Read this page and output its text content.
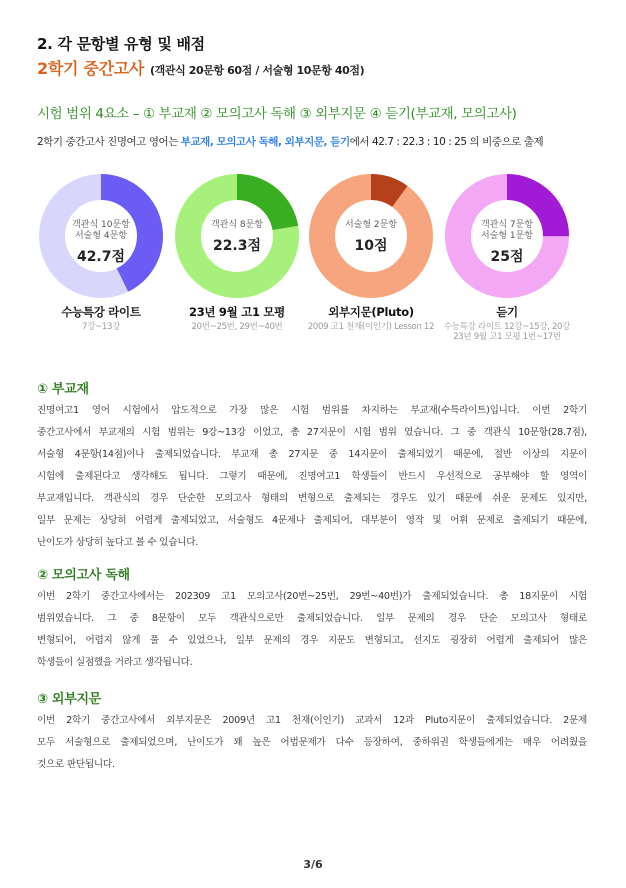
2. 각 문항별 유형 및 배점
2학기 중간고사 (객관식 20문항 60점 / 서술형 10문항 40점)
시험 범위 4요소 – ① 부교재 ② 모의고사 독해 ③ 외부지문 ④ 듣기(부교재, 모의고사)
2학기 중간고사 진명여고 영어는 부교재, 모의고사 독해, 외부지문, 듣기에서 42.7 : 22.3 : 10 : 25 의 비중으로 출제
객관식 10문항
서술형 4문항
42.7점
수능특강 라이트
7강~13강
객관식 8문항
22.3점
23년 9월 고1 모평
20번~25번, 29번~40번
서술형 2문항
10점
외부지문(Pluto)
2009 고1 천재(이인기) Lesson 12
객관식 7문항
서술형 1문항
25점
듣기
수능특강 라이트 12강~15강, 20강
23년 9월 고1 모평 1번~17번
① 부교재
진명여고1 영어 시험에서 압도적으로 가장 많은 시험 범위를 차지하는 부교재(수특라이트)입니다. 이번 2학기
중간고사에서 부교재의 시험 범위는 9강~13강 이었고, 총 27지문이 시험 범위 였습니다. 그 중 객관식 10문항(28.7점),
서술형 4문항(14점)이나 출제되었습니다. 부교재 총 27지문 중 14지문이 출제되었기 때문에, 절반 이상의 지문이
시험에 출제된다고 생각해도 됩니다. 그렇기 때문에, 진명여고1 학생들이 반드시 우선적으로 공부해야 할 영역이
부교재입니다. 객관식의 경우 단순한 모의고사 형태의 변형으로 출제되는 경우도 있기 때문에 쉬운 문제도 있지만,
일부 문제는 상당히 어렵게 출제되었고, 서술형도 4문제나 출제되어, 대부분이 영작 및 어휘 문제로 출제되기 때문에,
난이도가 상당히 높다고 볼 수 있습니다.
② 모의고사 독해
이번 2학기 중간고사에서는 202309 고1 모의고사(20번~25번, 29번~40번)가 출제되었습니다. 총 18지문이 시험
범위였습니다. 그 중 8문항이 모두 객관식으로만 출제되었습니다. 일부 문제의 경우 단순 모의고사 형태로
변형되어, 어렵지 않게 풀 수 있었으나, 일부 문제의 경우 지문도 변형되고, 선지도 굉장히 어렵게 출제되어 많은
학생들이 실점했을 거라고 생각됩니다.
③ 외부지문
이번 2학기 중간고사에서 외부지문은 2009년 고1 천재(이인기) 교과서 12과 Pluto지문이 출제되었습니다. 2문제
모두 서술형으로 출제되었으며, 난이도가 꽤 높은 어법문제가 다수 등장하여, 중하위권 학생들에게는 매우 어려웠을
것으로 판단됩니다.
3/6
